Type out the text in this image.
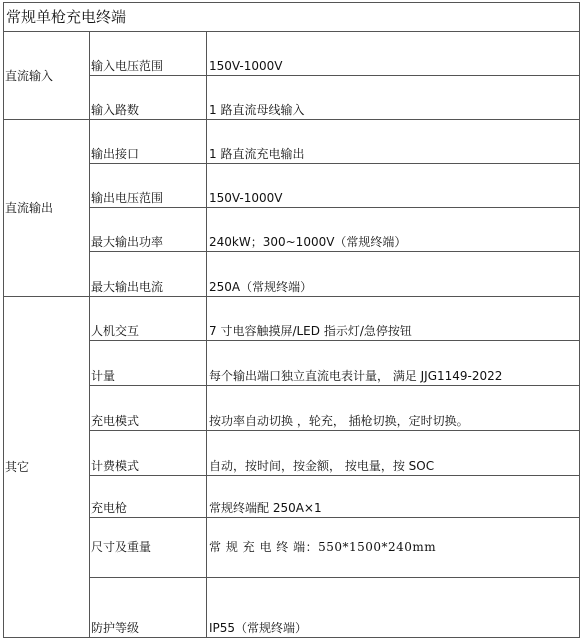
常规单枪充电终端		
直流输入	输入电压范围	150V-1000V
	输入路数	1 路直流母线输入
直流输出	输出接口	1 路直流充电输出
	输出电压范围	150V-1000V
	最大输出功率	240kW；300~1000V（常规终端）
	最大输出电流	250A（常规终端）
其它	人机交互	7 寸电容触摸屏/LED 指示灯/急停按钮
	计量	每个输出端口独立直流电表计量， 满足 JJG1149-2022
	充电模式	按功率自动切换 ，轮充， 插枪切换，定时切换。
	计费模式	自动，按时间，按金额， 按电量，按 SOC
	充电枪	常规终端配 250A×1
	尺寸及重量	常 规 充 电 终 端：550*1500*240mm
	防护等级	IP55（常规终端）
